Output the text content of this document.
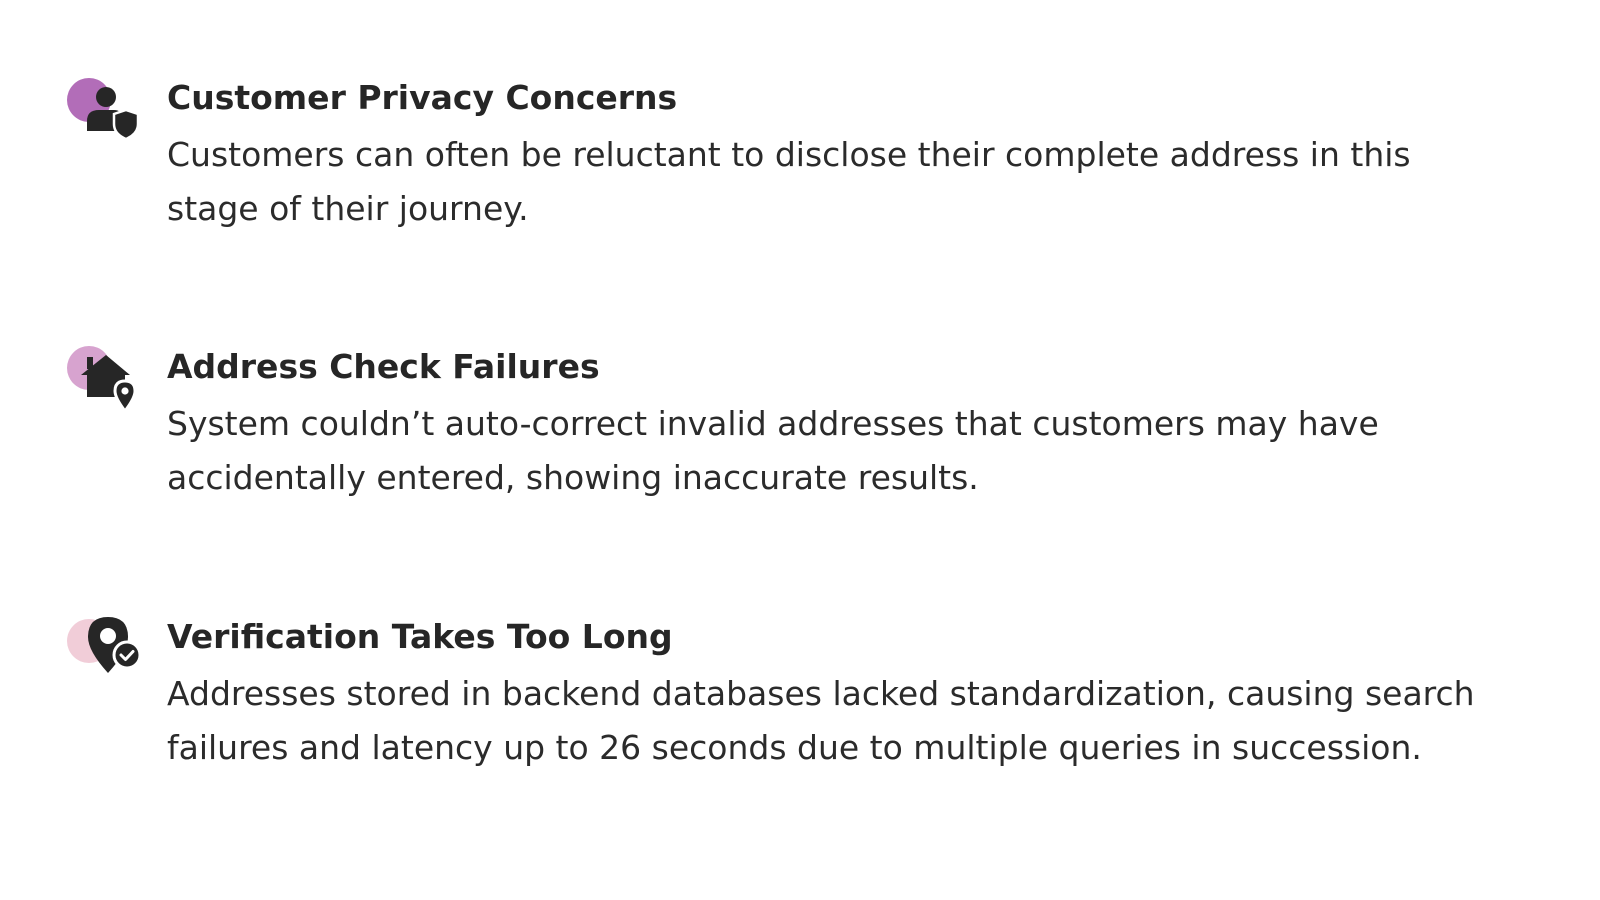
Customer Privacy Concerns

Customers can often be reluctant to disclose their complete address in this stage of their journey.

Address Check Failures

System couldn’t auto-correct invalid addresses that customers may have accidentally entered, showing inaccurate results.

Verification Takes Too Long

Addresses stored in backend databases lacked standardization, causing search failures and latency up to 26 seconds due to multiple queries in succession.
